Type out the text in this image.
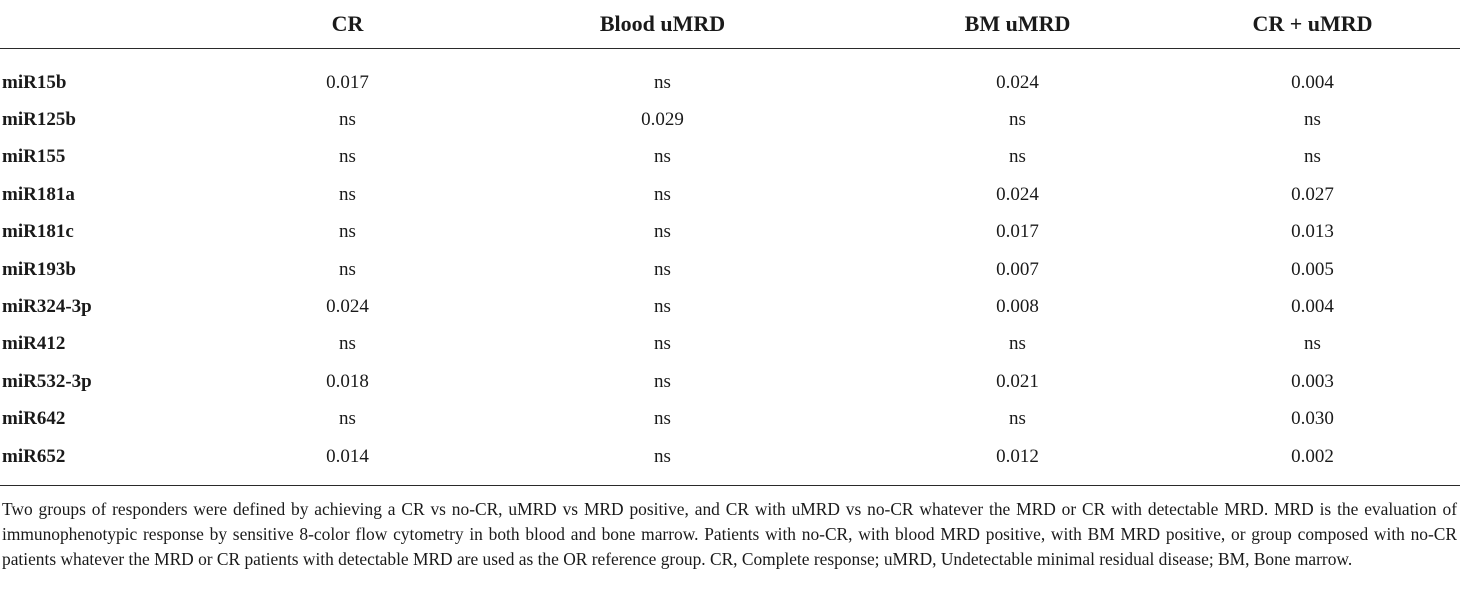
	CR	Blood uMRD	BM uMRD	CR + uMRD
miR15b	0.017	ns	0.024	0.004
miR125b	ns	0.029	ns	ns
miR155	ns	ns	ns	ns
miR181a	ns	ns	0.024	0.027
miR181c	ns	ns	0.017	0.013
miR193b	ns	ns	0.007	0.005
miR324-3p	0.024	ns	0.008	0.004
miR412	ns	ns	ns	ns
miR532-3p	0.018	ns	0.021	0.003
miR642	ns	ns	ns	0.030
miR652	0.014	ns	0.012	0.002

Two groups of responders were defined by achieving a CR vs no-CR, uMRD vs MRD positive, and CR with uMRD vs no-CR whatever the MRD or CR with detectable MRD. MRD is the evaluation of immunophenotypic response by sensitive 8-color flow cytometry in both blood and bone marrow. Patients with no-CR, with blood MRD positive, with BM MRD positive, or group composed with no-CR patients whatever the MRD or CR patients with detectable MRD are used as the OR reference group. CR, Complete response; uMRD, Undetectable minimal residual disease; BM, Bone marrow.
